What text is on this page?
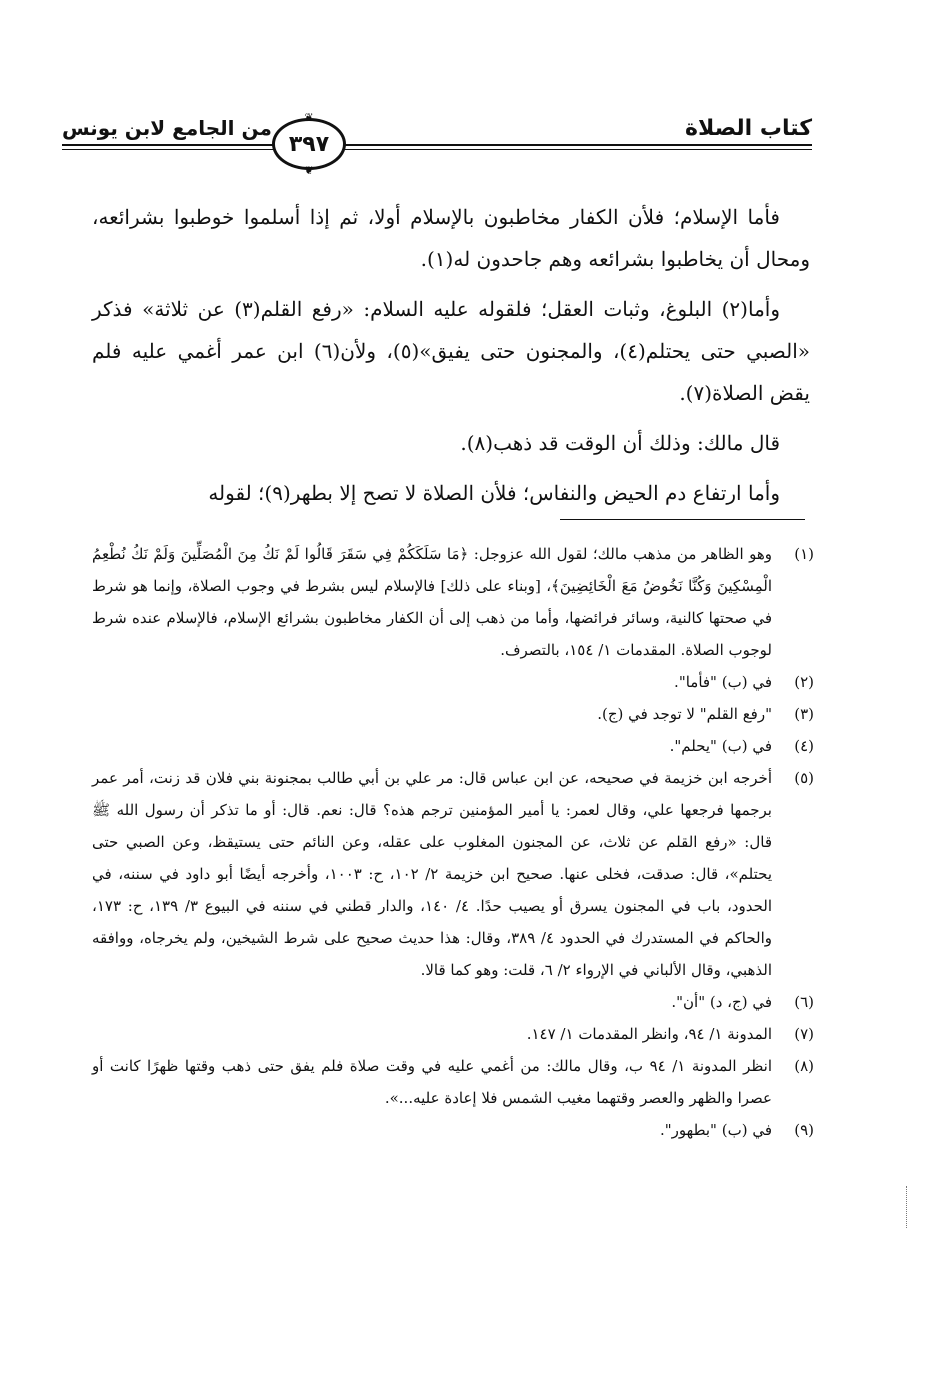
كتاب الصلاة
من الجامع لابن يونس	❦
٣٩٧
❦

فأما الإسلام؛ فلأن الكفار مخاطبون بالإسلام أولا، ثم إذا أسلموا خوطبوا بشرائعه، ومحال أن يخاطبوا بشرائعه وهم جاحدون له(١).

وأما(٢) البلوغ، وثبات العقل؛ فلقوله عليه السلام: «رفع القلم(٣) عن ثلاثة» فذكر «الصبي حتى يحتلم(٤)، والمجنون حتى يفيق»(٥)، ولأن(٦) ابن عمر أغمي عليه فلم يقض الصلاة(٧).

قال مالك: وذلك أن الوقت قد ذهب(٨).

وأما ارتفاع دم الحيض والنفاس؛ فلأن الصلاة لا تصح إلا بطهر(٩)؛ لقوله

(١)
وهو الظاهر من مذهب مالك؛ لقول الله عزوجل: ﴿مَا سَلَكَكُمْ فِي سَقَرَ قَالُوا لَمْ نَكُ مِنَ الْمُصَلِّينَ وَلَمْ نَكُ نُطْعِمُ الْمِسْكِينَ وَكُنَّا نَخُوضُ مَعَ الْخَائِضِينَ﴾، [وبناء على ذلك] فالإسلام ليس بشرط في وجوب الصلاة، وإنما هو شرط في صحتها كالنية، وسائر فرائضها، وأما من ذهب إلى أن الكفار مخاطبون بشرائع الإسلام، فالإسلام عنده شرط لوجوب الصلاة. المقدمات ١/ ١٥٤، بالتصرف.
(٢)
في (ب) "فأما".
(٣)
"رفع القلم" لا توجد في (ج).
(٤)
في (ب) "يحلم".
(٥)
أخرجه ابن خزيمة في صحيحه، عن ابن عباس قال: مر علي بن أبي طالب بمجنونة بني فلان قد زنت، أمر عمر برجمها فرجعها علي، وقال لعمر: يا أمير المؤمنين ترجم هذه؟ قال: نعم. قال: أو ما تذكر أن رسول الله ﷺ قال: «رفع القلم عن ثلاث، عن المجنون المغلوب على عقله، وعن النائم حتى يستيقظ، وعن الصبي حتى يحتلم»، قال: صدقت، فخلى عنها. صحيح ابن خزيمة ٢/ ١٠٢، ح: ١٠٠٣، وأخرجه أيضًا أبو داود في سننه، في الحدود، باب في المجنون يسرق أو يصيب حدًا. ٤/ ١٤٠، والدار قطني في سننه في البيوع ٣/ ١٣٩، ح: ١٧٣، والحاكم في المستدرك في الحدود ٤/ ٣٨٩، وقال: هذا حديث صحيح على شرط الشيخين، ولم يخرجاه، ووافقه الذهبي، وقال الألباني في الإرواء ٢/ ٦، قلت: وهو كما قالا.
(٦)
في (ج، د) "أن".
(٧)
المدونة ١/ ٩٤، وانظر المقدمات ١/ ١٤٧.
(٨)
انظر المدونة ١/ ٩٤ ب، وقال مالك: من أغمي عليه في وقت صلاة فلم يفق حتى ذهب وقتها ظهرًا كانت أو عصرا والظهر والعصر وقتهما مغيب الشمس فلا إعادة عليه...».
(٩)
في (ب) "بطهور".
